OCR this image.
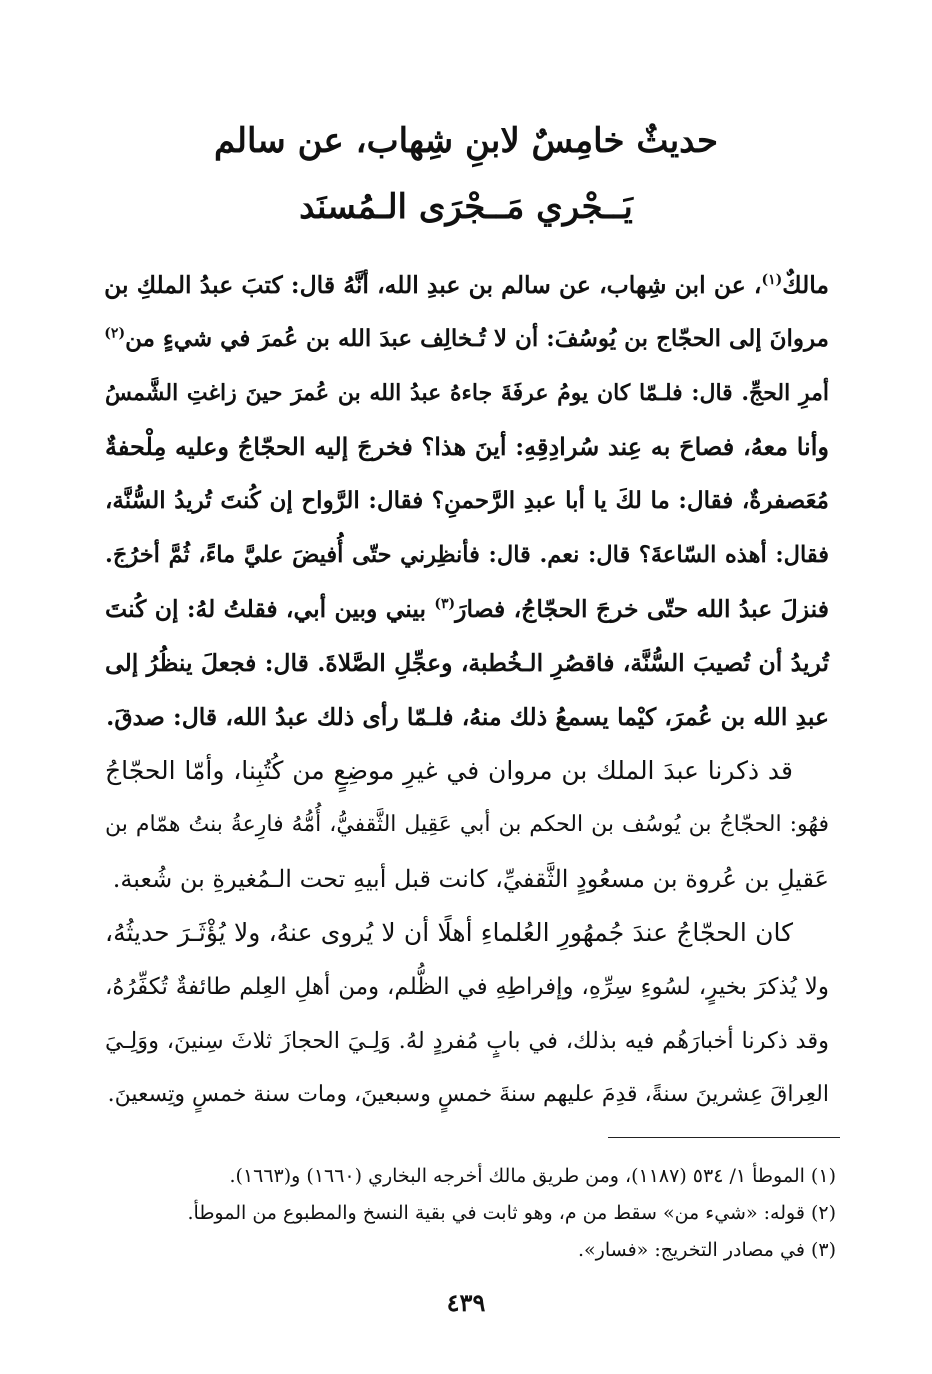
حديثٌ خامِسٌ لابنِ شِهاب، عن سالم
يَــجْري مَــجْرَى الـمُسنَد
مالكٌ$^{(١)}$، عن ابن شِهاب، عن سالم بن عبدِ الله، أنَّهُ قال: كتبَ عبدُ الملكِ بن
مروانَ إلى الحجّاج بن يُوسُفَ: أن لا تُـخالِف عبدَ الله بن عُمرَ في شيءٍ من$^{(٢)}$
أمرِ الحجِّ. قال: فلـمّا كان يومُ عرفَةَ جاءهُ عبدُ الله بن عُمرَ حينَ زاغتِ الشَّمسُ
وأنا معهُ، فصاحَ به عِند سُرادِقِهِ: أينَ هذا؟ فخرجَ إليه الحجّاجُ وعليه مِلْحفةٌ
مُعَصفرةٌ، فقال: ما لكَ يا أبا عبدِ الرَّحمنِ؟ فقال: الرَّواح إن كُنتَ تُريدُ السُّنَّة،
فقال: أهذه السّاعةَ؟ قال: نعم. قال: فأنظِرني حتّى أُفيضَ عليَّ ماءً، ثُمَّ أخرُجَ.
فنزلَ عبدُ الله حتّى خرجَ الحجّاجُ، فصارَ$^{(٣)}$ بيني وبين أبي، فقلتُ لهُ: إن كُنتَ
تُريدُ أن تُصيبَ السُّنَّة، فاقصُرِ الـخُطبة، وعجِّلِ الصَّلاةَ. قال: فجعلَ ينظُرُ إلى
عبدِ الله بن عُمرَ، كيْما يسمعُ ذلك منهُ، فلـمّا رأى ذلك عبدُ الله، قال: صدقَ.
قد ذكرنا عبدَ الملك بن مروان في غيرِ موضِعٍ من كُتُبِنا، وأمّا الحجّاجُ
فهُو: الحجّاجُ بن يُوسُف بن الحكم بن أبي عَقِيل الثَّقفيُّ، أُمُّهُ فارِعةُ بنتُ همّام بن
عَقيلِ بن عُروة بن مسعُودٍ الثَّقفيِّ، كانت قبل أبيهِ تحت الـمُغيرةِ بن شُعبة.
كان الحجّاجُ عندَ جُمهُورِ العُلماءِ أهلًا أن لا يُروى عنهُ، ولا يُؤْثَـرَ حديثُهُ،
ولا يُذكرَ بخيرٍ، لسُوءِ سِرِّهِ، وإفراطِهِ في الظُّلم، ومن أهلِ العِلم طائفةٌ تُكفِّرُهُ،
وقد ذكرنا أخبارَهُم فيه بذلك، في بابٍ مُفردٍ لهُ. وَلِـيَ الحجازَ ثلاثَ سِنينَ، ووَلِـيَ
العِراقَ عِشرينَ سنةً، قدِمَ عليهم سنةَ خمسٍ وسبعينَ، ومات سنة خمسٍ وتِسعينَ.
(١) الموطأ ١/ ٥٣٤ (١١٨٧)، ومن طريق مالك أخرجه البخاري (١٦٦٠) و(١٦٦٣).
(٢) قوله: «شيء من» سقط من م، وهو ثابت في بقية النسخ والمطبوع من الموطأ.
(٣) في مصادر التخريج: «فسار».
٤٣٩
